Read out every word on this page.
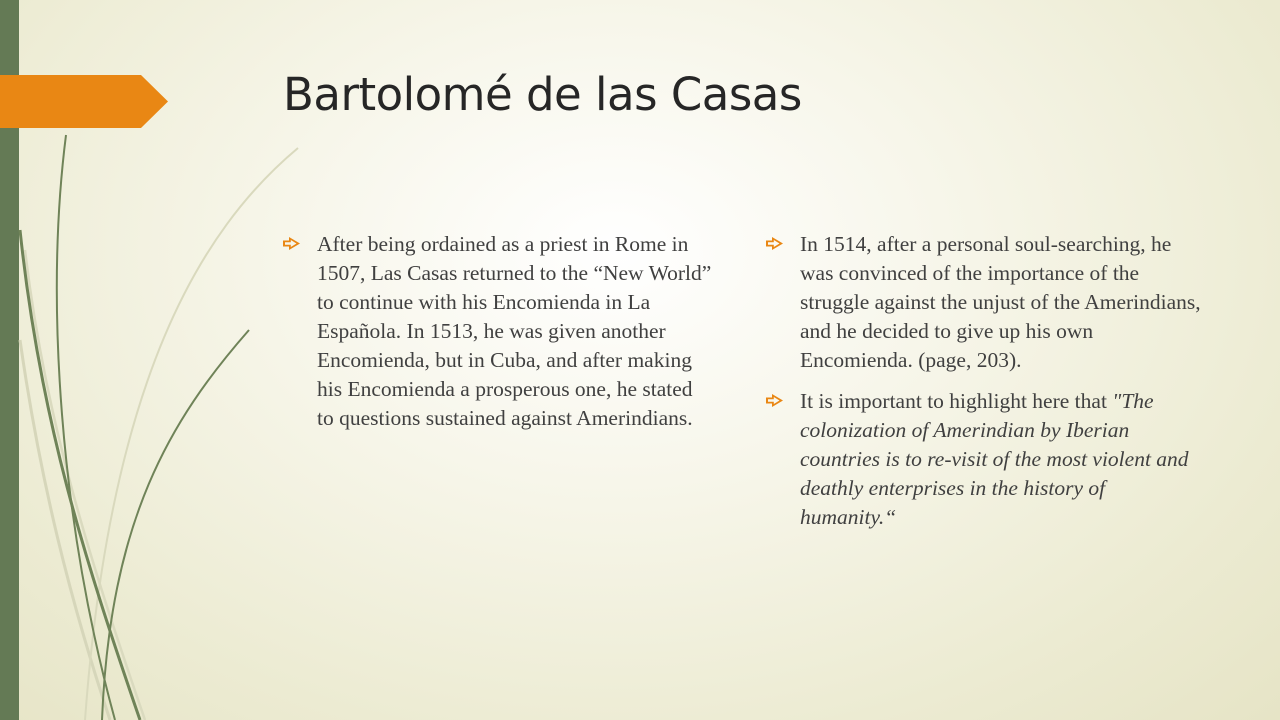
Bartolomé de las Casas
After being ordained as a priest in Rome in 1507, Las Casas returned to the “New World” to continue with his Encomienda in La Española. In 1513, he was given another Encomienda, but in Cuba, and after making his Encomienda a prosperous one, he stated to questions sustained against Amerindians.
In 1514, after a personal soul-searching, he was convinced of the importance of the struggle against the unjust of the Amerindians, and he decided to give up his own Encomienda. (page, 203).
It is important to highlight here that "The colonization of Amerindian by Iberian countries is to re-visit of the most violent and deathly enterprises in the history of humanity.“
